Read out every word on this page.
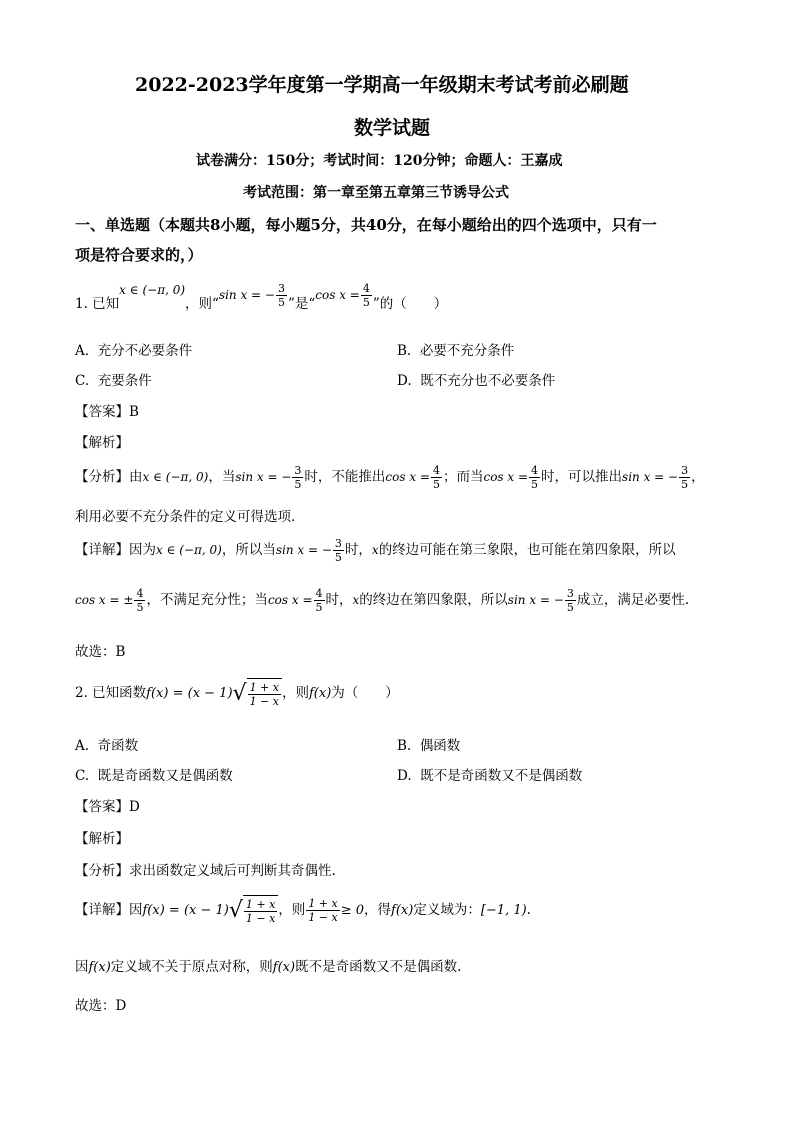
2022-2023学年度第一学期高一年级期末考试考前必刷题
数学试题
试卷满分：150分；考试时间：120分钟；命题人：王嘉成
考试范围：第一章至第五章第三节诱导公式
一、单选题（本题共8小题，每小题5分，共40分，在每小题给出的四个选项中，只有一
项是符合要求的，）
1. 已知x ∈ (−π, 0)，则“sin x = − $\frac{3}{5}$ ”是“cos $x = \frac{4}{5}$ ”的（　　）
A. 充分不必要条件	B. 必要不充分条件
C. 充要条件	D. 既不充分也不必要条件
【答案】B
【解析】
【分析】由x ∈ (−π, 0)，当sin x = − $\frac{3}{5}$ 时，不能推出$\cos x = \frac{4}{5}$ ；而当$\cos x = \frac{4}{5}$ 时，可以推出sin x = − $\frac{3}{5}$ ，
利用必要不充分条件的定义可得选项．
【详解】因为x ∈ (−π, 0)，所以当sin x = − $\frac{3}{5}$ 时，x的终边可能在第三象限，也可能在第四象限，所以
cos x = ± $\frac{4}{5}$ ，不满足充分性；当$\cos x = \frac{4}{5}$ 时，x的终边在第四象限，所以sin x = − $\frac{3}{5}$ 成立，满足必要性.
故选：B
2. 已知函数$f(x) = (x - 1)√ \frac{1 + x}{1 - x}$ ，则f(x)为（　　）
A. 奇函数	B. 偶函数
C. 既是奇函数又是偶函数	D. 既不是奇函数又不是偶函数
【答案】D
【解析】
【分析】求出函数定义域后可判断其奇偶性.
【详解】因$f(x) = (x - 1)√ \frac{1 + x}{1 - x}$ ，则 $\frac{1 + x}{1 - x} \ge 0$，得f(x)定义域为：[−1, 1).
因f(x)定义域不关于原点对称，则f(x)既不是奇函数又不是偶函数.
故选：D
